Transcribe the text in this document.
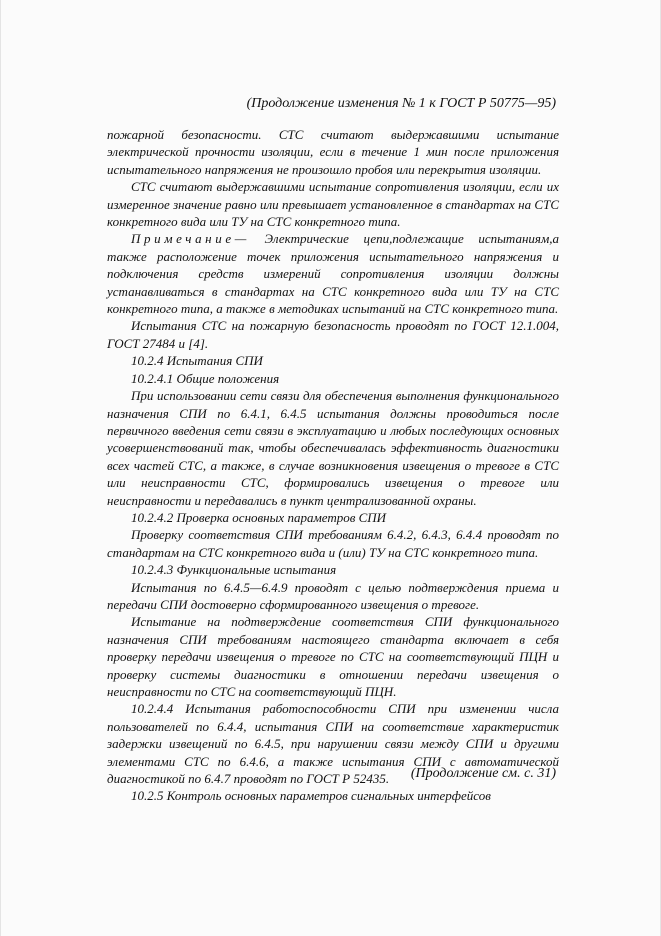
(Продолжение изменения № 1 к ГОСТ Р 50775—95)

пожарной безопасности. СТС считают выдержавшими испытание электрической прочности изоляции, если в течение 1 мин после приложения испытательного напряжения не произошло пробоя или перекрытия изоляции.

СТС считают выдержавшими испытание сопротивления изоляции, если их измеренное значение равно или превышает установленное в стандартах на СТС конкретного вида или ТУ на СТС конкретного типа.

Примечание— Электрические цепи,подлежащие испытаниям,а также расположение точек приложения испытательного напряжения и подключения средств измерений сопротивления изоляции должны устанавливаться в стандартах на СТС конкретного вида или ТУ на СТС конкретного типа, а также в методиках испытаний на СТС конкретного типа.

Испытания СТС на пожарную безопасность проводят по ГОСТ 12.1.004, ГОСТ 27484 и [4].

10.2.4 Испытания СПИ

10.2.4.1 Общие положения

При использовании сети связи для обеспечения выполнения функционального назначения СПИ по 6.4.1, 6.4.5 испытания должны проводиться после первичного введения сети связи в эксплуатацию и любых последующих основных усовершенствований так, чтобы обеспечивалась эффективность диагностики всех частей СТС, а также, в случае возникновения извещения о тревоге в СТС или неисправности СТС, формировались извещения о тревоге или неисправности и передавались в пункт централизованной охраны.

10.2.4.2 Проверка основных параметров СПИ

Проверку соответствия СПИ требованиям 6.4.2, 6.4.3, 6.4.4 проводят по стандартам на СТС конкретного вида и (или) ТУ на СТС конкретного типа.

10.2.4.3 Функциональные испытания

Испытания по 6.4.5—6.4.9 проводят с целью подтверждения приема и передачи СПИ достоверно сформированного извещения о тревоге.

Испытание на подтверждение соответствия СПИ функционального назначения СПИ требованиям настоящего стандарта включает в себя проверку передачи извещения о тревоге по СТС на соответствующий ПЦН и проверку системы диагностики в отношении передачи извещения о неисправности по СТС на соответствующий ПЦН.

10.2.4.4 Испытания работоспособности СПИ при изменении числа пользователей по 6.4.4, испытания СПИ на соответствие характеристик задержки извещений по 6.4.5, при нарушении связи между СПИ и другими элементами СТС по 6.4.6, а также испытания СПИ с автоматической диагностикой по 6.4.7 проводят по ГОСТ Р 52435.

10.2.5 Контроль основных параметров сигнальных интерфейсов

(Продолжение см. с. 31)
